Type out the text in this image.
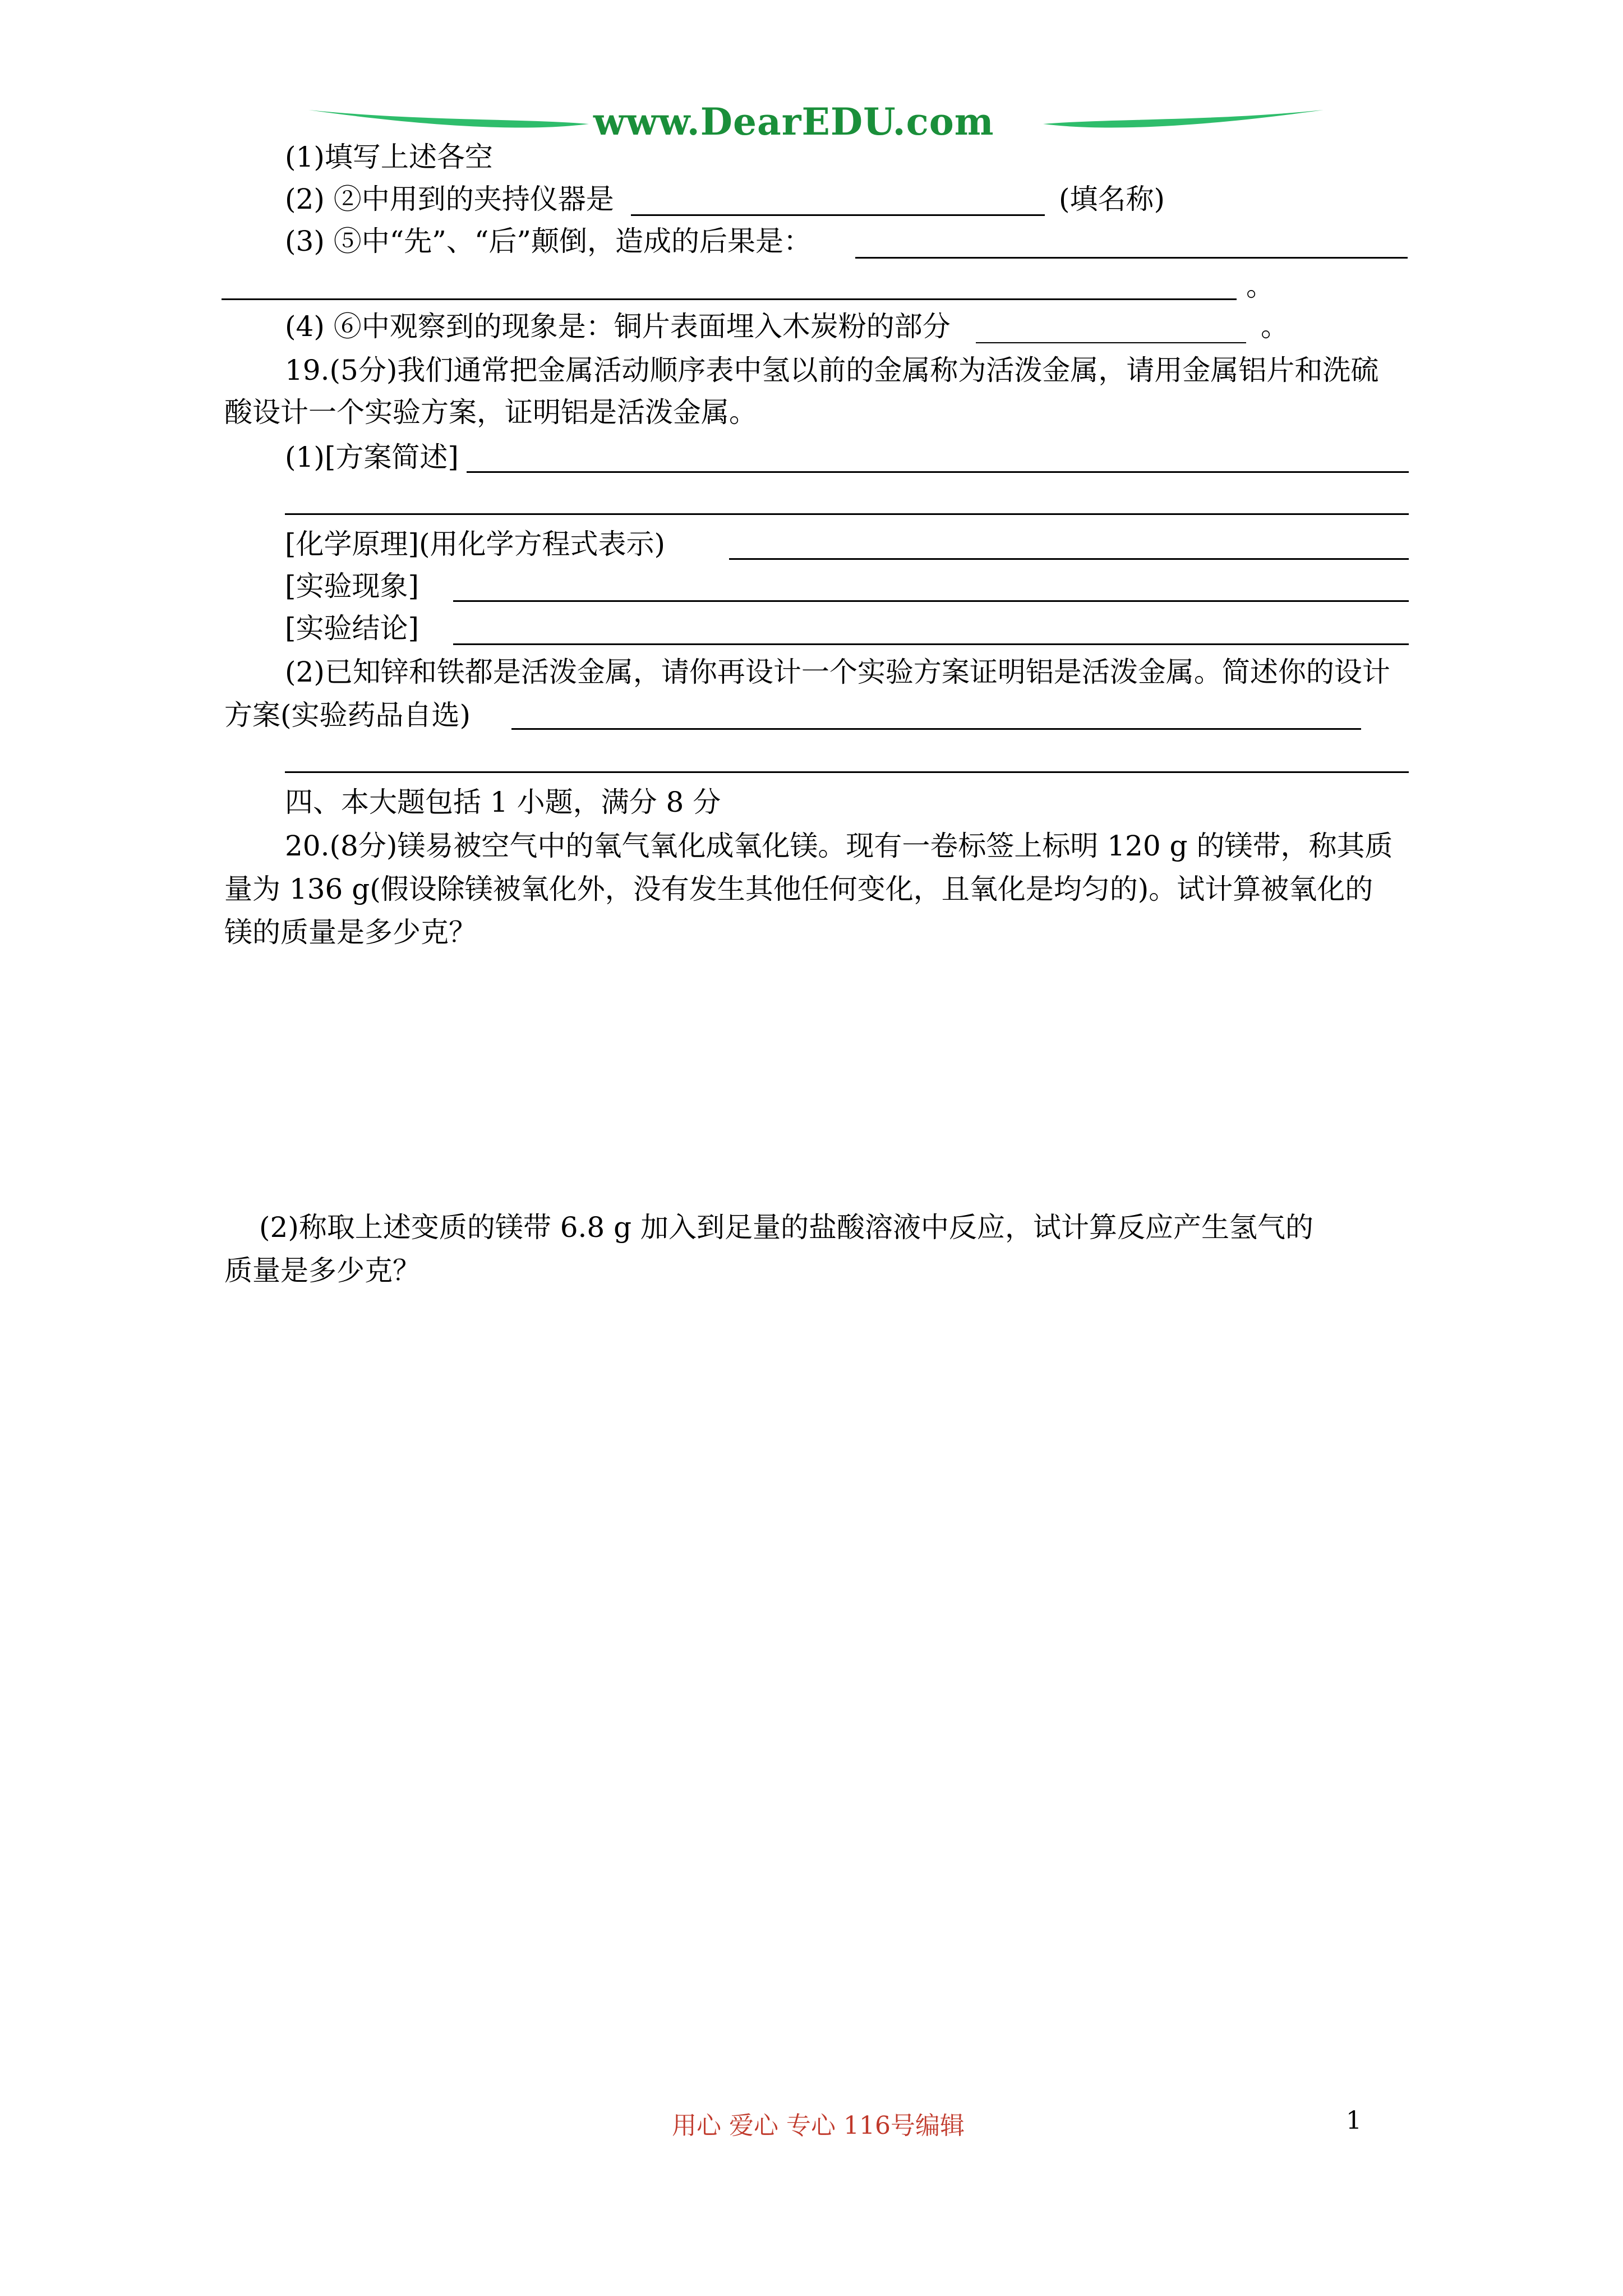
www.DearEDU.com
(1)填写上述各空
(2) ②中用到的夹持仪器是	(填名称)
(3) ⑤中“先”、“后”颠倒，造成的后果是：
。
(4) ⑥中观察到的现象是：铜片表面埋入木炭粉的部分	。
19.(5分)我们通常把金属活动顺序表中氢以前的金属称为活泼金属，请用金属铝片和洗硫
酸设计一个实验方案，证明铝是活泼金属。
(1)[方案简述]
[化学原理](用化学方程式表示)
[实验现象]
[实验结论]
(2)已知锌和铁都是活泼金属，请你再设计一个实验方案证明铝是活泼金属。简述你的设计
方案(实验药品自选)
四、本大题包括 1 小题，满分 8 分
20.(8分)镁易被空气中的氧气氧化成氧化镁。现有一卷标签上标明 120 g 的镁带，称其质
量为 136 g(假设除镁被氧化外，没有发生其他任何变化，且氧化是均匀的)。试计算被氧化的
镁的质量是多少克？
(2)称取上述变质的镁带 6.8 g 加入到足量的盐酸溶液中反应，试计算反应产生氢气的
质量是多少克？
用心 爱心 专心 116号编辑	1
